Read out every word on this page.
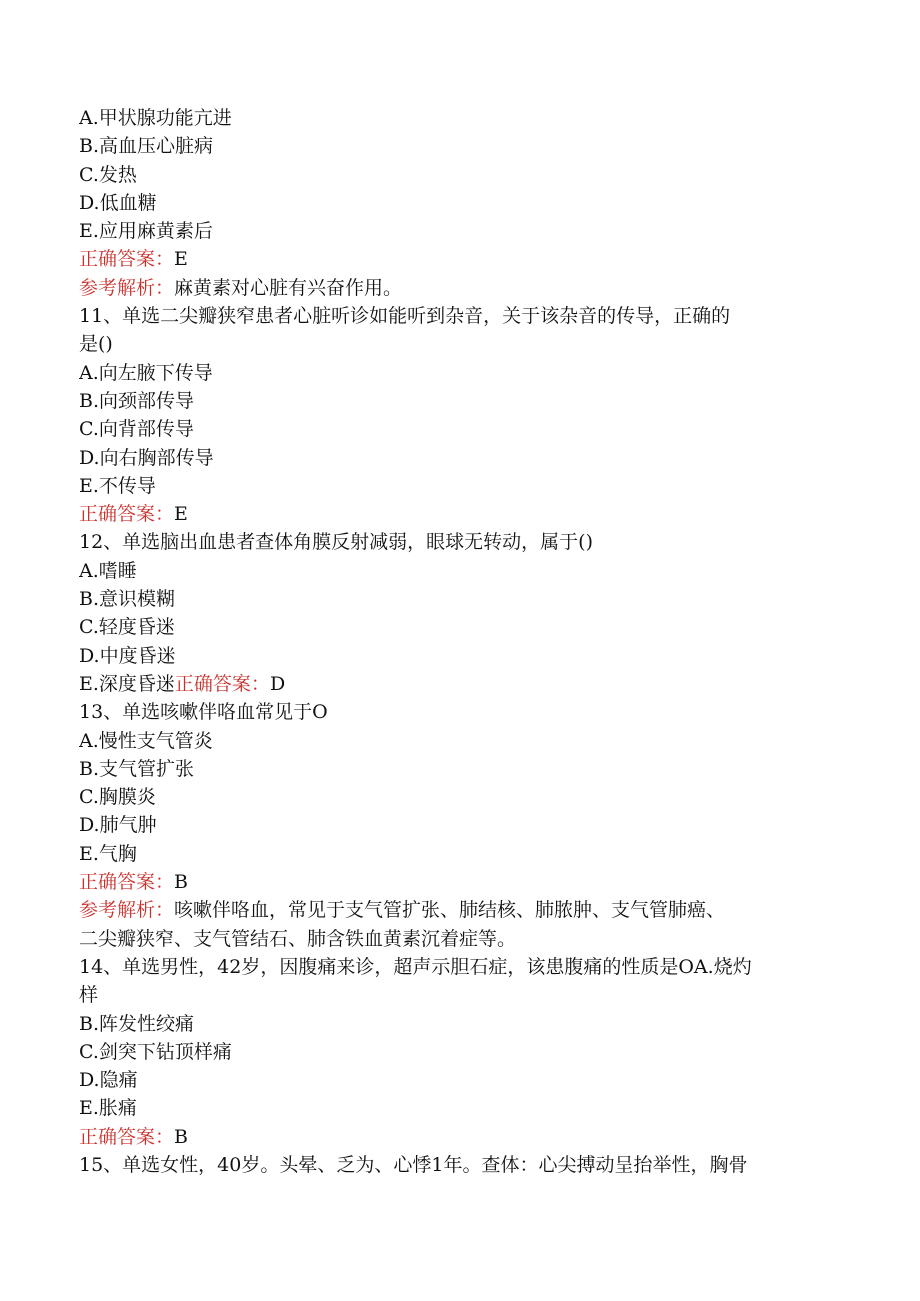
A.甲状腺功能亢进
B.高血压心脏病
C.发热
D.低血糖
E.应用麻黄素后
正确答案：E
参考解析：麻黄素对心脏有兴奋作用。
11、单选二尖瓣狭窄患者心脏听诊如能听到杂音，关于该杂音的传导，正确的
是()
A.向左腋下传导
B.向颈部传导
C.向背部传导
D.向右胸部传导
E.不传导
正确答案：E
12、单选脑出血患者查体角膜反射减弱，眼球无转动，属于()
A.嗜睡
B.意识模糊
C.轻度昏迷
D.中度昏迷
E.深度昏迷正确答案：D
13、单选咳嗽伴咯血常见于O
A.慢性支气管炎
B.支气管扩张
C.胸膜炎
D.肺气肿
E.气胸
正确答案：B
参考解析：咳嗽伴咯血，常见于支气管扩张、肺结核、肺脓肿、支气管肺癌、
二尖瓣狭窄、支气管结石、肺含铁血黄素沉着症等。
14、单选男性，42岁，因腹痛来诊，超声示胆石症，该患腹痛的性质是OA.烧灼
样
B.阵发性绞痛
C.剑突下钻顶样痛
D.隐痛
E.胀痛
正确答案：B
15、单选女性，40岁。头晕、乏为、心悸1年。查体：心尖搏动呈抬举性，胸骨
